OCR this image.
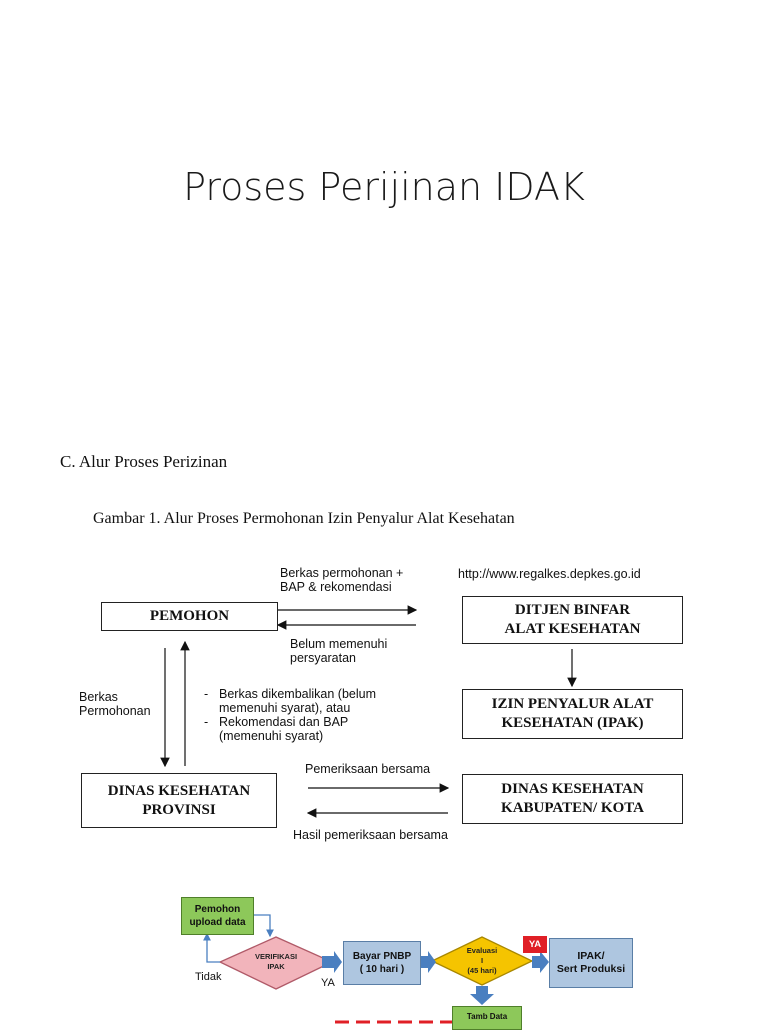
Proses Perijinan IDAK
C. Alur Proses Perizinan
Gambar 1. Alur Proses Permohonan Izin Penyalur Alat Kesehatan
PEMOHON	DITJEN BINFAR
ALAT KESEHATAN
IZIN PENYALUR ALAT
KESEHATAN (IPAK)
DINAS KESEHATAN
PROVINSI
DINAS KESEHATAN
KABUPATEN/ KOTA
Berkas permohonan +
BAP & rekomendasi
http://www.regalkes.depkes.go.id
Belum memenuhi
persyaratan
Berkas
Permohonan
- Berkas dikembalikan (belum memenuhi syarat), atau
- Rekomendasi dan BAP (memenuhi syarat)
Pemeriksaan bersama
Hasil pemeriksaan bersama
Pemohon
upload data
VERIFIKASI
IPAK
Bayar PNBP
( 10 hari )
Evaluasi
I
(45 hari)
IPAK/
Sert Produksi
Tamb Data
YA
Tidak	YA
